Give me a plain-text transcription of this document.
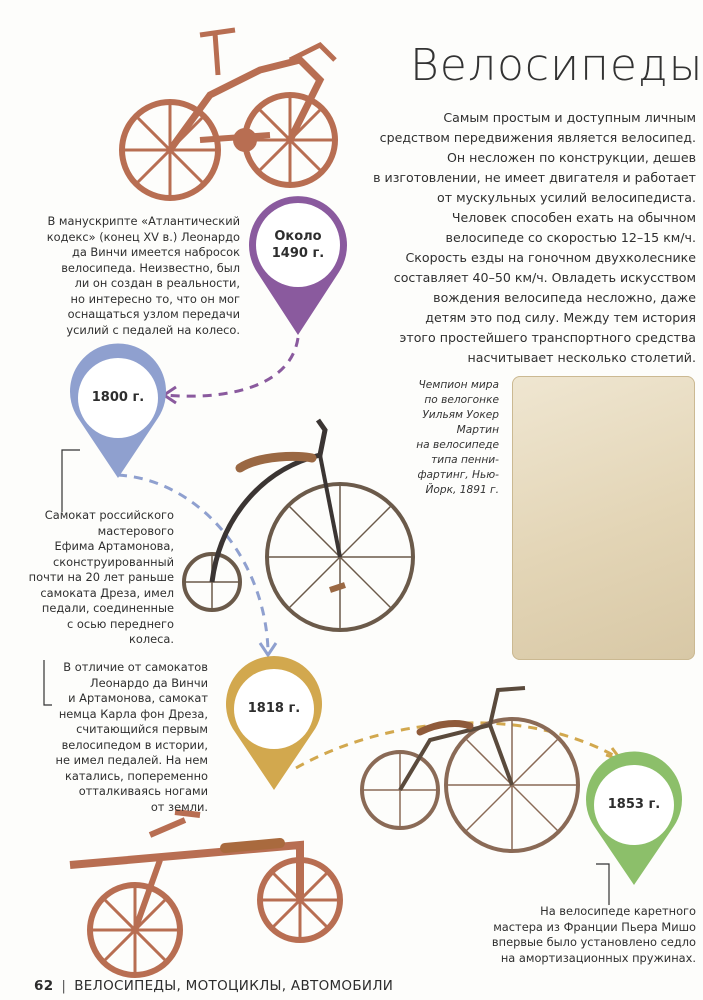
Велосипеды
Самым простым и доступным личным
средством передвижения является велосипед.
Он несложен по конструкции, дешев
в изготовлении, не имеет двигателя и работает
от мускульных усилий велосипедиста.
Человек способен ехать на обычном
велосипеде со скоростью 12–15 км/ч.
Скорость езды на гоночном двухколеснике
составляет 40–50 км/ч. Овладеть искусством
вождения велосипеда несложно, даже
детям это под силу. Между тем история
этого простейшего транспортного средства
насчитывает несколько столетий.
Около
1490 г.
1800 г.
1818 г.
1853 г.
В манускрипте «Атлантический
кодекс» (конец XV в.) Леонардо
да Винчи имеется набросок
велосипеда. Неизвестно, был
ли он создан в реальности,
но интересно то, что он мог
оснащаться узлом передачи
усилий с педалей на колесо.
Самокат российского
мастерового
Ефима Артамонова,
сконструированный
почти на 20 лет раньше
самоката Дреза, имел
педали, соединенные
с осью переднего колеса.
В отличие от самокатов
Леонардо да Винчи
и Артамонова, самокат
немца Карла фон Дреза,
считающийся первым
велосипедом в истории,
не имел педалей. На нем
катались, попеременно
отталкиваясь ногами
от земли.
На велосипеде каретного
мастера из Франции Пьера Мишо
впервые было установлено седло
на амортизационных пружинах.
Чемпион мира
по велогонке
Уильям Уокер
Мартин
на велосипеде
типа пенни-
фартинг, Нью-
Йорк, 1891 г.
62 | ВЕЛОСИПЕДЫ, МОТОЦИКЛЫ, АВТОМОБИЛИ
